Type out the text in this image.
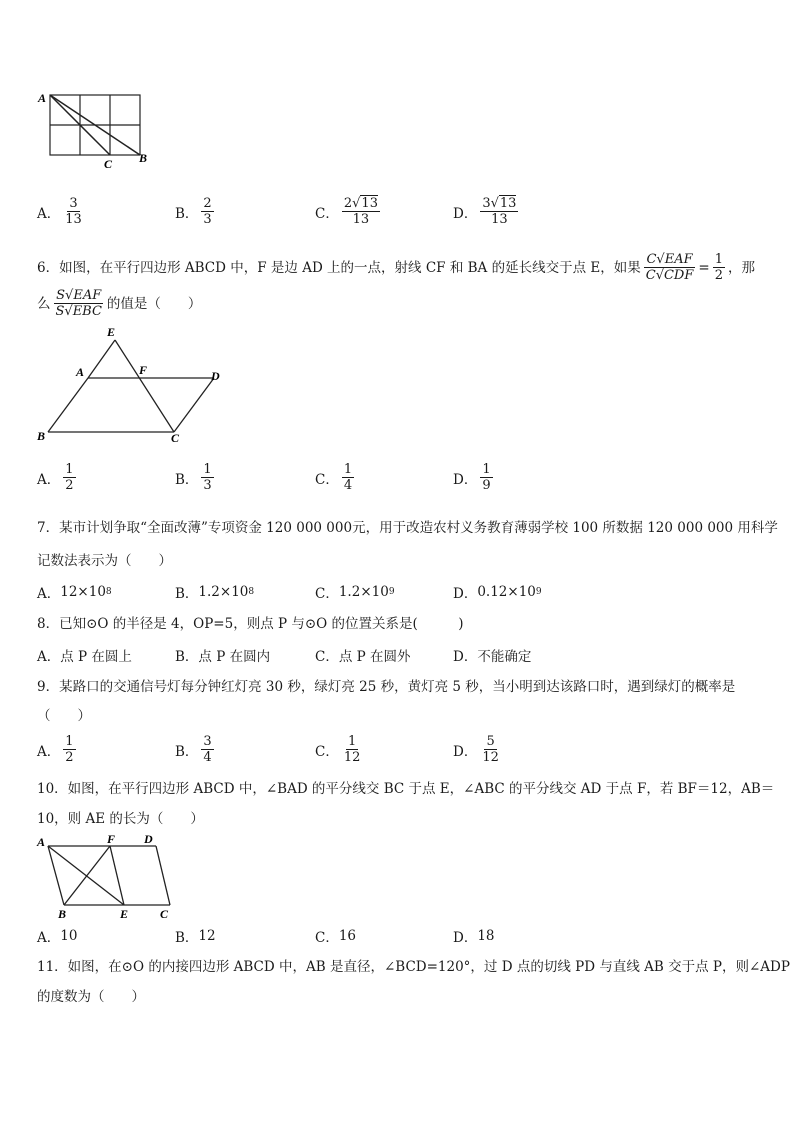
A
C B
A． $\frac{3}{13}$	B． $\frac{2}{3}$	C． $\frac{2√13}{13}$	D． $\frac{3√13}{13}$
6．如图，在平行四边形 ABCD 中，F 是边 AD 上的一点，射线 CF 和 BA 的延长线交于点 E，如果 $\frac{\text{C√EAF}}{\text{C√CDF}} = \frac{1}{2}$ ，那
么 $\frac{\text{S√EAF}}{\text{S√EBC}}$ 的值是（　　）
E
A	F	D
B	C
A． $\frac{1}{2}$	B． $\frac{1}{3}$	C． $\frac{1}{4}$	D． $\frac{1}{9}$
7．某市计划争取“全面改薄”专项资金 120 000 000元，用于改造农村义务教育薄弱学校 100 所数据 120 000 000 用科学
记数法表示为（　　）
A． 12×10 8	B． 1.2×10 8	C． 1.2×10 9	D． 0.12×10 9
8．已知⊙O 的半径是 4，OP=5，则点 P 与⊙O 的位置关系是(　　　)
A． 点 P 在圆上	B． 点 P 在圆内	C． 点 P 在圆外	D． 不能确定
9．某路口的交通信号灯每分钟红灯亮 30 秒，绿灯亮 25 秒，黄灯亮 5 秒，当小明到达该路口时，遇到绿灯的概率是
（　　）
A． $\frac{1}{2}$	B． $\frac{3}{4}$	C． $\frac{1}{12}$	D． $\frac{5}{12}$
10．如图，在平行四边形 ABCD 中，∠BAD 的平分线交 BC 于点 E，∠ABC 的平分线交 AD 于点 F，若 BF＝12，AB＝
10，则 AE 的长为（　　）
A	F D
B	E	C
A． 10	B． 12	C． 16	D． 18
11．如图，在⊙O 的内接四边形 ABCD 中，AB 是直径，∠BCD=120°，过 D 点的切线 PD 与直线 AB 交于点 P，则∠ADP
的度数为（　　）
